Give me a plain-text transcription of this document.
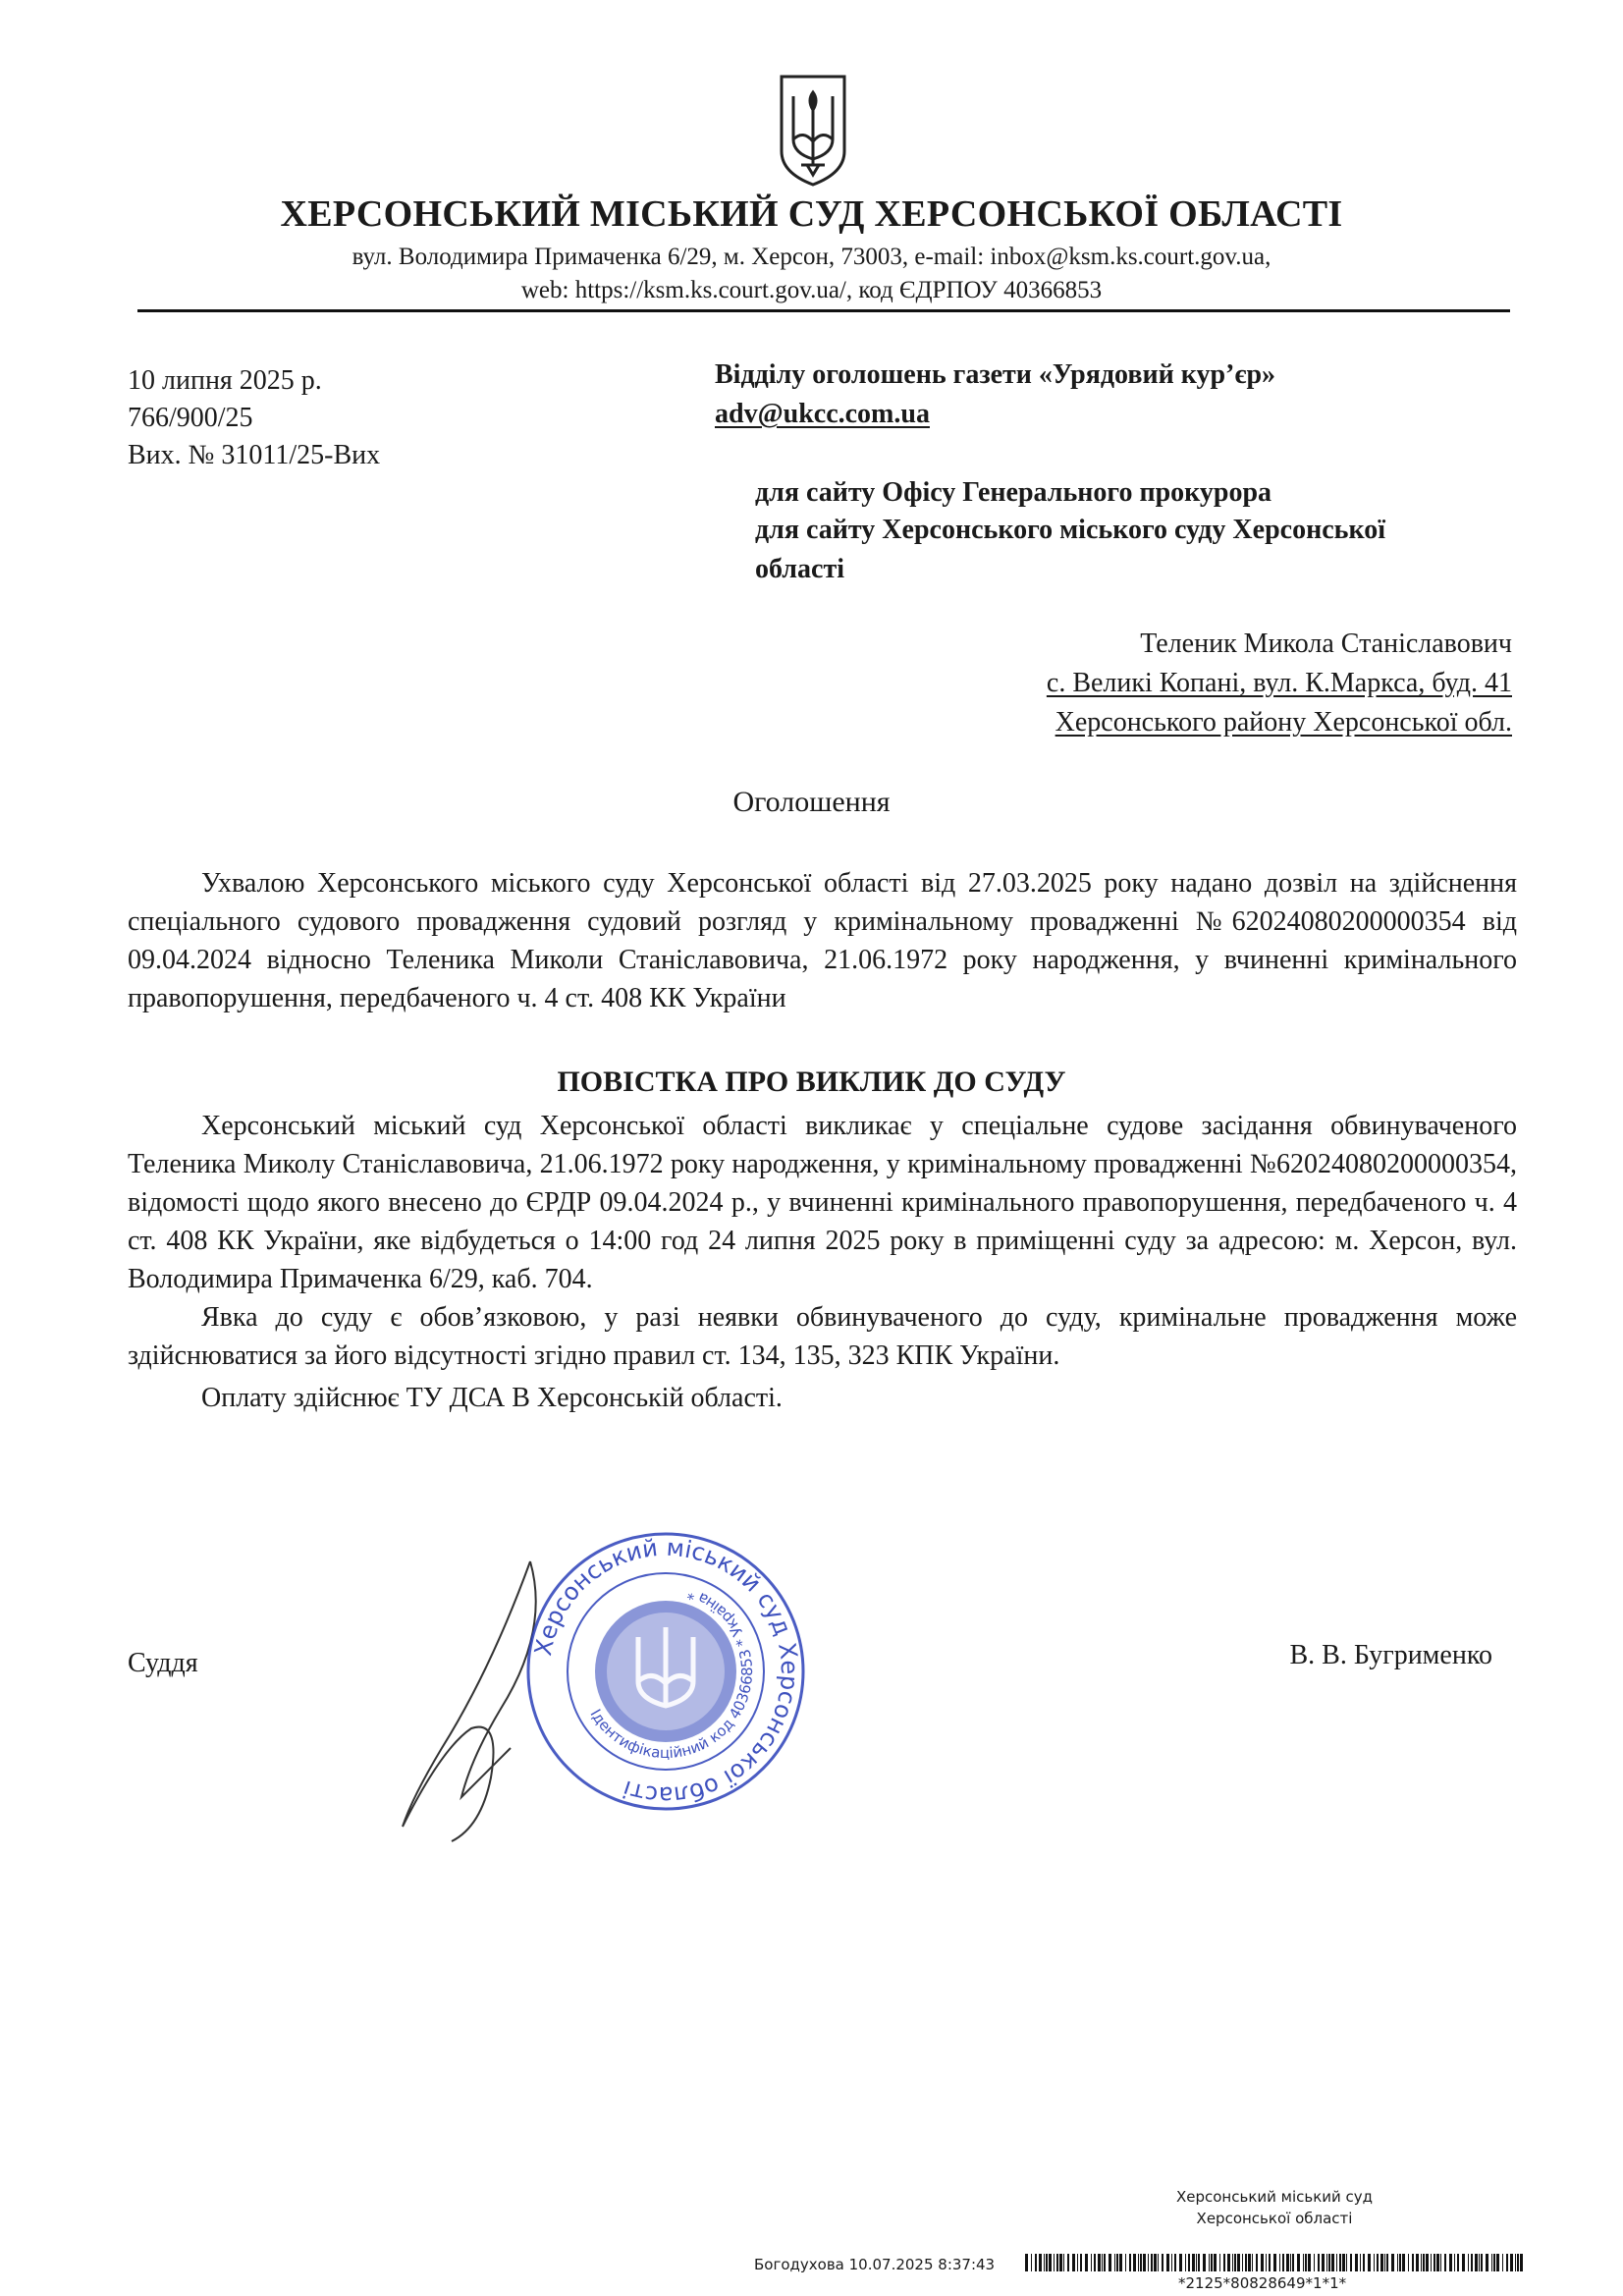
ХЕРСОНСЬКИЙ МІСЬКИЙ СУД ХЕРСОНСЬКОЇ ОБЛАСТІ
вул. Володимира Примаченка 6/29, м. Херсон, 73003, e-mail: inbox@ksm.ks.court.gov.ua,
web: https://ksm.ks.court.gov.ua/, код ЄДРПОУ 40366853
10 липня 2025 р.
766/900/25
Вих. № 31011/25-Вих
Відділу оголошень газети «Урядовий кур’єр»
adv@ukcc.com.ua
для сайту Офісу Генерального прокурора
для сайту Херсонського міського суду Херсонської
області
Теленик Микола Станіславович
с. Великі Копані, вул. К.Маркса, буд. 41
Херсонського району Херсонської обл.
Оголошення

Ухвалою Херсонського міського суду Херсонської області від 27.03.2025 року надано дозвіл на здійснення спеціального судового провадження судовий розгляд у кримінальному провадженні №62024080200000354 від 09.04.2024 відносно Теленика Миколи Станіславовича, 21.06.1972 року народження, у вчиненні кримінального правопорушення, передбаченого ч. 4 ст. 408 КК України

ПОВІСТКА ПРО ВИКЛИК ДО СУДУ

Херсонський міський суд Херсонської області викликає у спеціальне судове засідання обвинуваченого Теленика Миколу Станіславовича, 21.06.1972 року народження, у кримінальному провадженні №62024080200000354, відомості щодо якого внесено до ЄРДР 09.04.2024 р., у вчиненні кримінального правопорушення, передбаченого ч. 4 ст. 408 КК України, яке відбудеться о 14:00 год 24 липня 2025 року в приміщенні суду за адресою: м. Херсон, вул. Володимира Примаченка 6/29, каб. 704.

Явка до суду є обов’язковою, у разі неявки обвинуваченого до суду, кримінальне провадження може здійснюватися за його відсутності згідно правил ст. 134, 135, 323 КПК України.

Оплату здійснює ТУ ДСА В Херсонській області.

Суддя	В. В. Бугрименко
Херсонський міський суд Херсонської області
Ідентифікаційний код 40366853 * Україна *
Херсонський міський суд
Херсонської області
Богодухова 10.07.2025 8:37:43
*2125*80828649*1*1*
